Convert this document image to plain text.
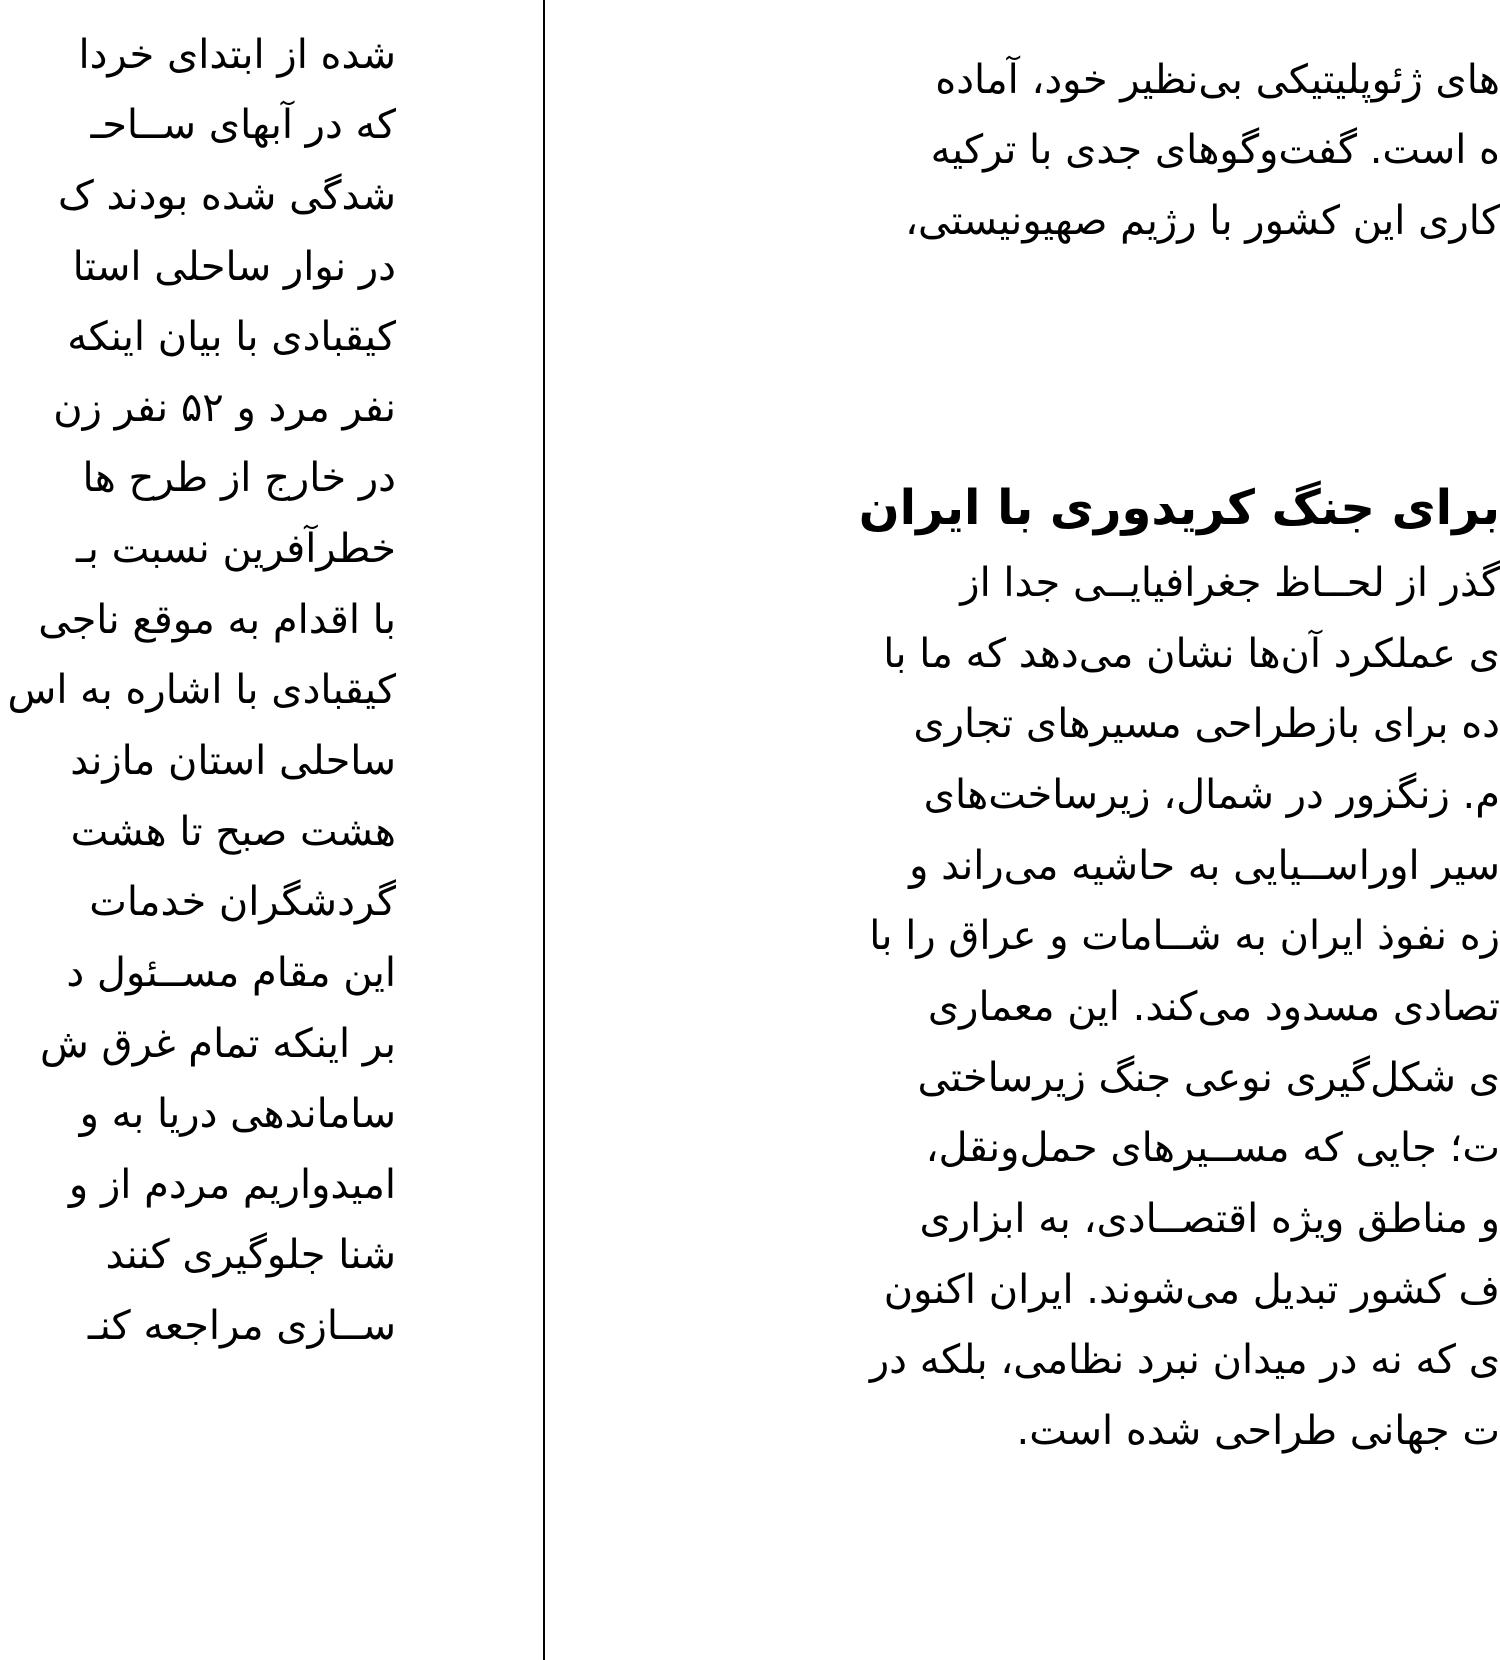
شده از ابتدای خردا
که در آبهای ســاحـ
شدگی شده بودند ک
در نوار ساحلی استا
کیقبادی با بیان اینکه
نفر مرد و ۵۲ نفر زن
در خارج از طرح ها
خطرآفرین نسبت بـ
با اقدام به موقع ناجی
کیقبادی با اشاره به اس
ساحلی استان مازند
هشت صبح تا هشت
گردشگران خدمات
این مقام مســئول د
بر اینکه تمام غرق ش
ساماندهی دریا به و
امیدواریم مردم از و
شنا جلوگیری کنند
ســازی مراجعه کنـ
های ژئوپلیتیکی بی‌نظیر خود، آماده
ه است. گفت‌وگوهای جدی با ترکیه
کاری این کشور با رژیم صهیونیستی،
برای جنگ کریدوری با ایران
گذر از لحــاظ جغرافیایــی جدا از
ی عملکرد آن‌ها نشان می‌دهد که ما با
ده برای بازطراحی مسیرهای تجاری
م. زنگزور در شمال، زیرساخت‌های
سیر اوراســیایی به حاشیه می‌راند و
زه نفوذ ایران به شــامات و عراق را با
تصادی مسدود می‌کند. این معماری
ی شکل‌گیری نوعی جنگ زیرساختی
ت؛ جایی که مســیرهای حمل‌ونقل،
و مناطق ویژه اقتصــادی، به ابزاری
ف کشور تبدیل می‌شوند. ایران اکنون
ی که نه در میدان نبرد نظامی، بلکه در
ت جهانی طراحی شده است.
